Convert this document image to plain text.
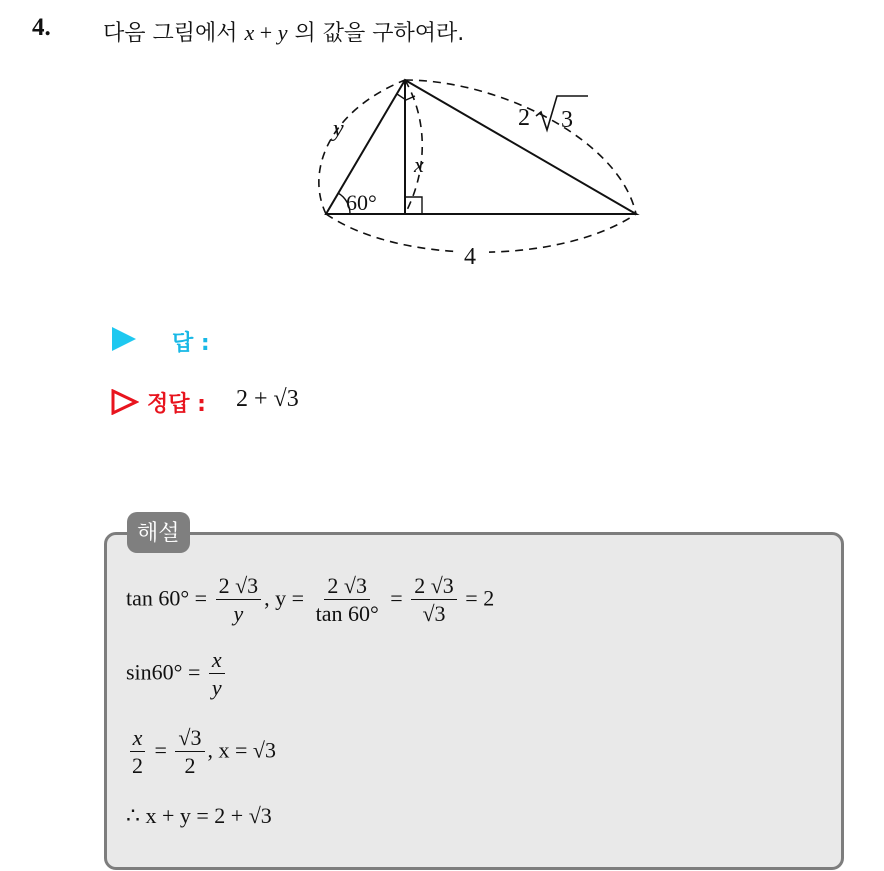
4. 다음 그림에서 x + y 의 값을 구하여라.
y
x
60°
2 3
4
답 :
정답 : 2 + √3
해설
$\tan 60^\circ = \frac{2 √3}{y}$ , $y = \frac{2 √3}{\tan 60^\circ} = \frac{2 √3}{√3} = 2$
$\sin 60^\circ = \frac{x}{y}$
$\frac{x}{2} = \frac{√3}{2}$ , x = √3
∴ x + y = 2 + √3
